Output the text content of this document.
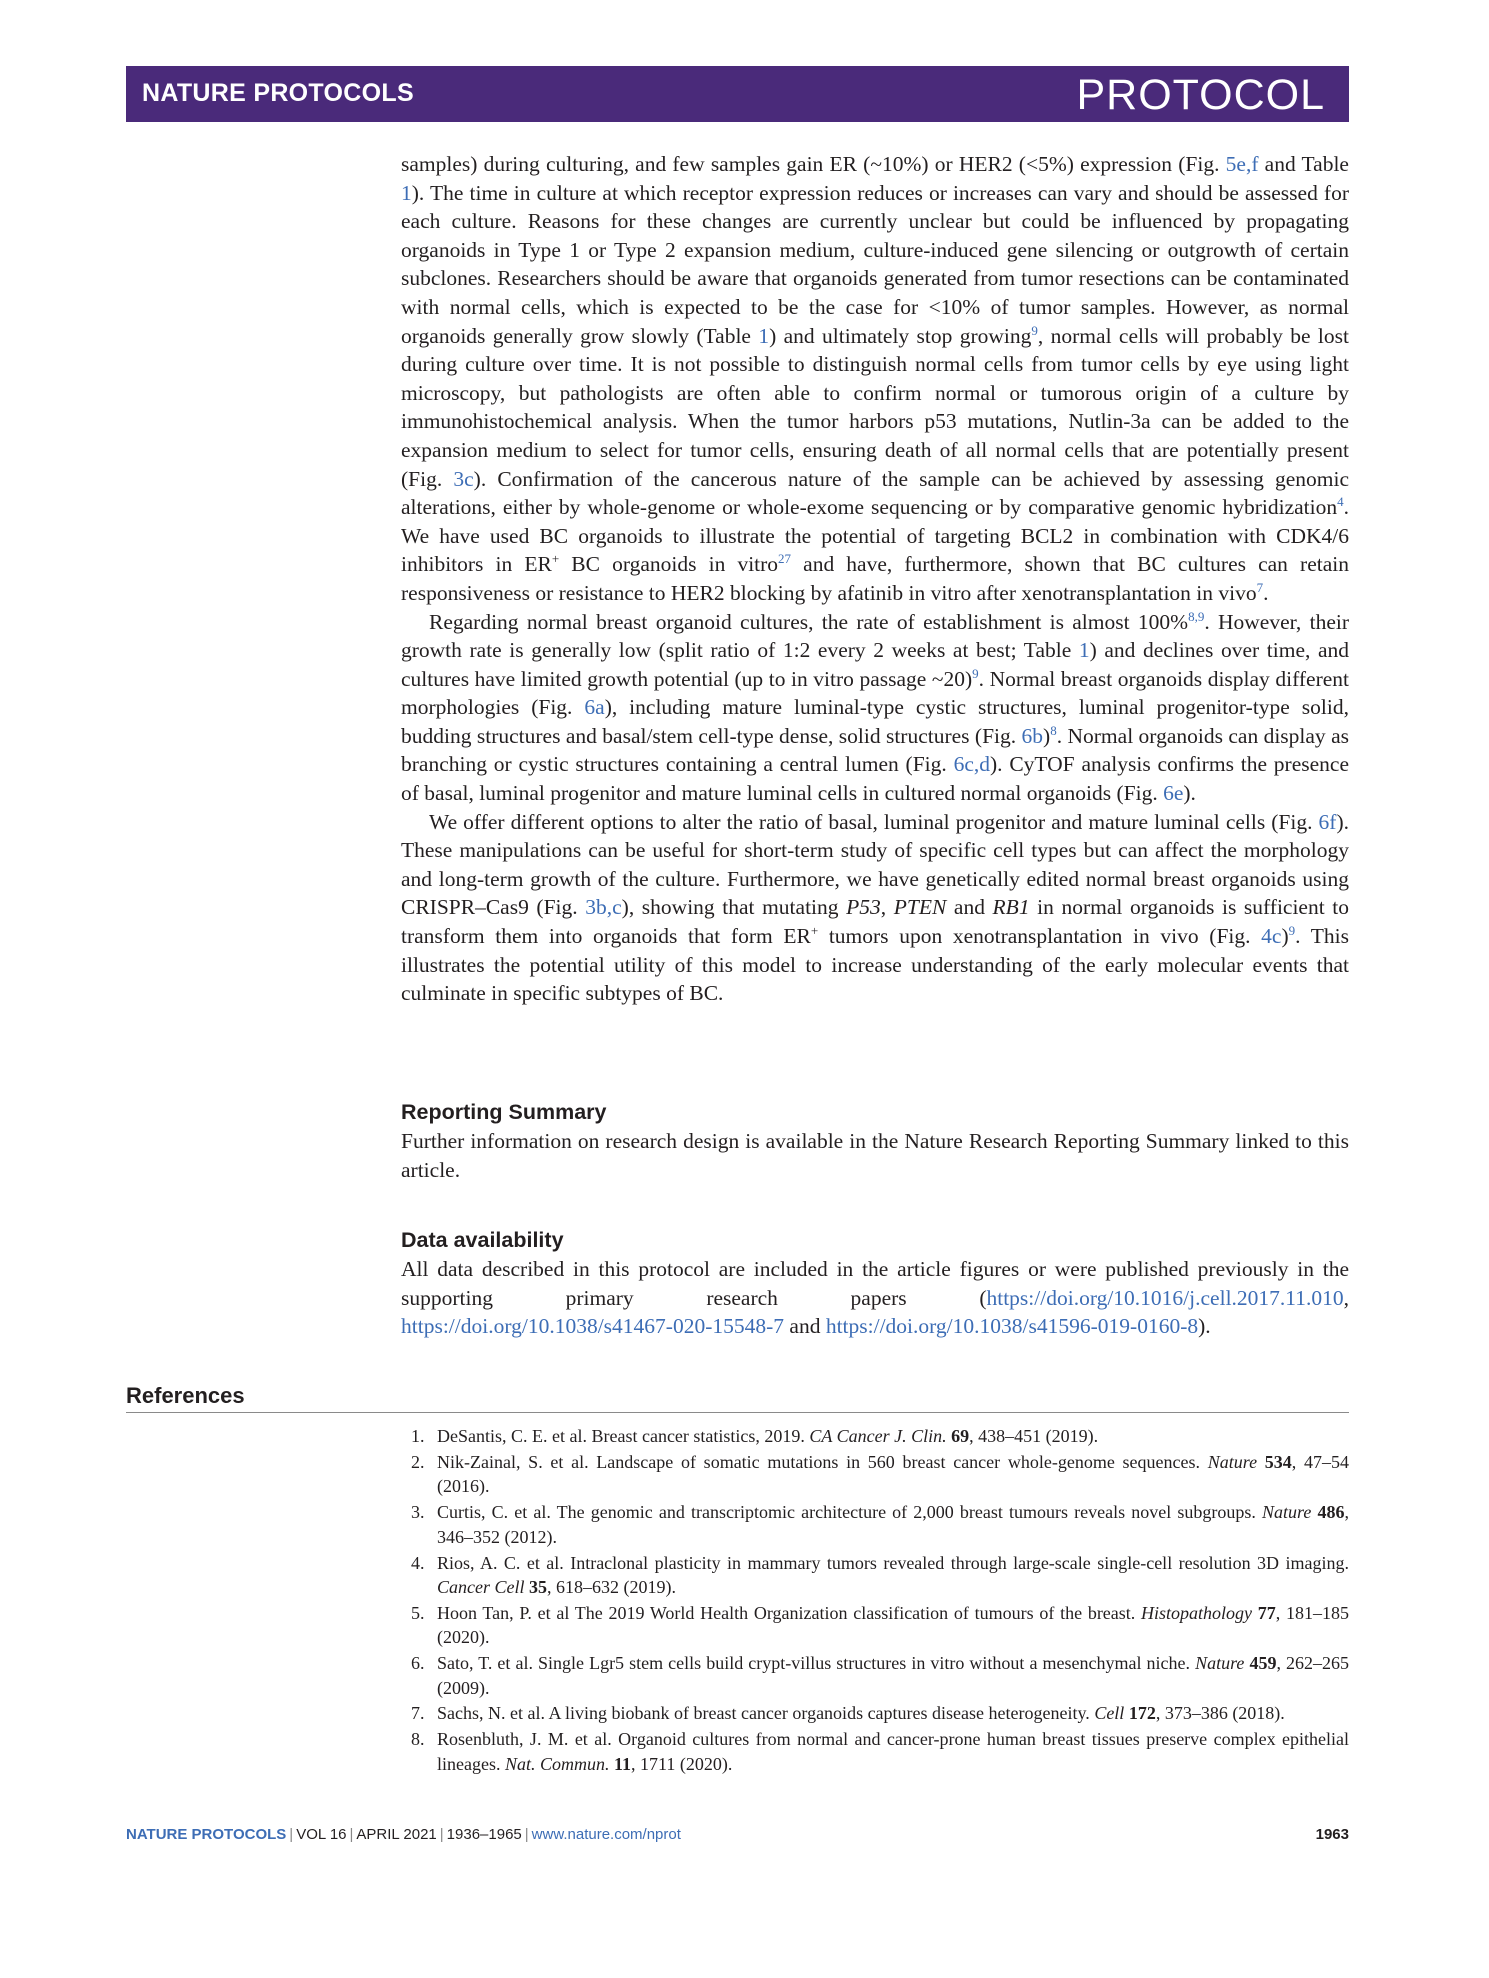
NATURE PROTOCOLS	PROTOCOL

samples) during culturing, and few samples gain ER (~10%) or HER2 (<5%) expression (Fig. 5e,f and Table 1). The time in culture at which receptor expression reduces or increases can vary and should be assessed for each culture. Reasons for these changes are currently unclear but could be influenced by propagating organoids in Type 1 or Type 2 expansion medium, culture-induced gene silencing or outgrowth of certain subclones. Researchers should be aware that organoids generated from tumor resections can be contaminated with normal cells, which is expected to be the case for <10% of tumor samples. However, as normal organoids generally grow slowly (Table 1) and ultimately stop growing$^9$, normal cells will probably be lost during culture over time. It is not possible to distinguish normal cells from tumor cells by eye using light microscopy, but pathologists are often able to confirm normal or tumorous origin of a culture by immunohistochemical analysis. When the tumor harbors p53 mutations, Nutlin-3a can be added to the expansion medium to select for tumor cells, ensuring death of all normal cells that are potentially present (Fig. 3c). Confirmation of the cancerous nature of the sample can be achieved by assessing genomic alterations, either by whole-genome or whole-exome sequencing or by comparative genomic hybridization$^4$. We have used BC organoids to illustrate the potential of targeting BCL2 in combination with CDK4/6 inhibitors in ER+ BC organoids in vitro$^{27}$ and have, furthermore, shown that BC cultures can retain responsiveness or resistance to HER2 blocking by afatinib in vitro after xenotransplantation in vivo$^7$.

Regarding normal breast organoid cultures, the rate of establishment is almost 100%$^{8,9}$. However, their growth rate is generally low (split ratio of 1:2 every 2 weeks at best; Table 1) and declines over time, and cultures have limited growth potential (up to in vitro passage ~20)$^9$. Normal breast organoids display different morphologies (Fig. 6a), including mature luminal-type cystic structures, luminal progenitor-type solid, budding structures and basal/stem cell-type dense, solid structures (Fig. 6b)$^8$. Normal organoids can display as branching or cystic structures containing a central lumen (Fig. 6c,d). CyTOF analysis confirms the presence of basal, luminal progenitor and mature luminal cells in cultured normal organoids (Fig. 6e).

We offer different options to alter the ratio of basal, luminal progenitor and mature luminal cells (Fig. 6f). These manipulations can be useful for short-term study of specific cell types but can affect the morphology and long-term growth of the culture. Furthermore, we have genetically edited normal breast organoids using CRISPR–Cas9 (Fig. 3b,c), showing that mutating P53, PTEN and RB1 in normal organoids is sufficient to transform them into organoids that form ER+ tumors upon xenotransplantation in vivo (Fig. 4c)$^9$. This illustrates the potential utility of this model to increase understanding of the early molecular events that culminate in specific subtypes of BC.

Reporting Summary
Further information on research design is available in the Nature Research Reporting Summary linked to this article.
Data availability
All data described in this protocol are included in the article figures or were published previously in the supporting primary research papers (https://doi.org/10.1016/j.cell.2017.11.010, https://doi.org/10.1038/s41467-020-15548-7 and https://doi.org/10.1038/s41596-019-0160-8).
References
1. DeSantis, C. E. et al. Breast cancer statistics, 2019. CA Cancer J. Clin. 69, 438–451 (2019).
2. Nik-Zainal, S. et al. Landscape of somatic mutations in 560 breast cancer whole-genome sequences. Nature 534, 47–54 (2016).
3. Curtis, C. et al. The genomic and transcriptomic architecture of 2,000 breast tumours reveals novel subgroups. Nature 486, 346–352 (2012).
4. Rios, A. C. et al. Intraclonal plasticity in mammary tumors revealed through large-scale single-cell resolution 3D imaging. Cancer Cell 35, 618–632 (2019).
5. Hoon Tan, P. et al The 2019 World Health Organization classification of tumours of the breast. Histopathology 77, 181–185 (2020).
6. Sato, T. et al. Single Lgr5 stem cells build crypt-villus structures in vitro without a mesenchymal niche. Nature 459, 262–265 (2009).
7. Sachs, N. et al. A living biobank of breast cancer organoids captures disease heterogeneity. Cell 172, 373–386 (2018).
8. Rosenbluth, J. M. et al. Organoid cultures from normal and cancer-prone human breast tissues preserve complex epithelial lineages. Nat. Commun. 11, 1711 (2020).
NATURE PROTOCOLS | VOL 16 | APRIL 2021 | 1936–1965 | www.nature.com/nprot	1963
